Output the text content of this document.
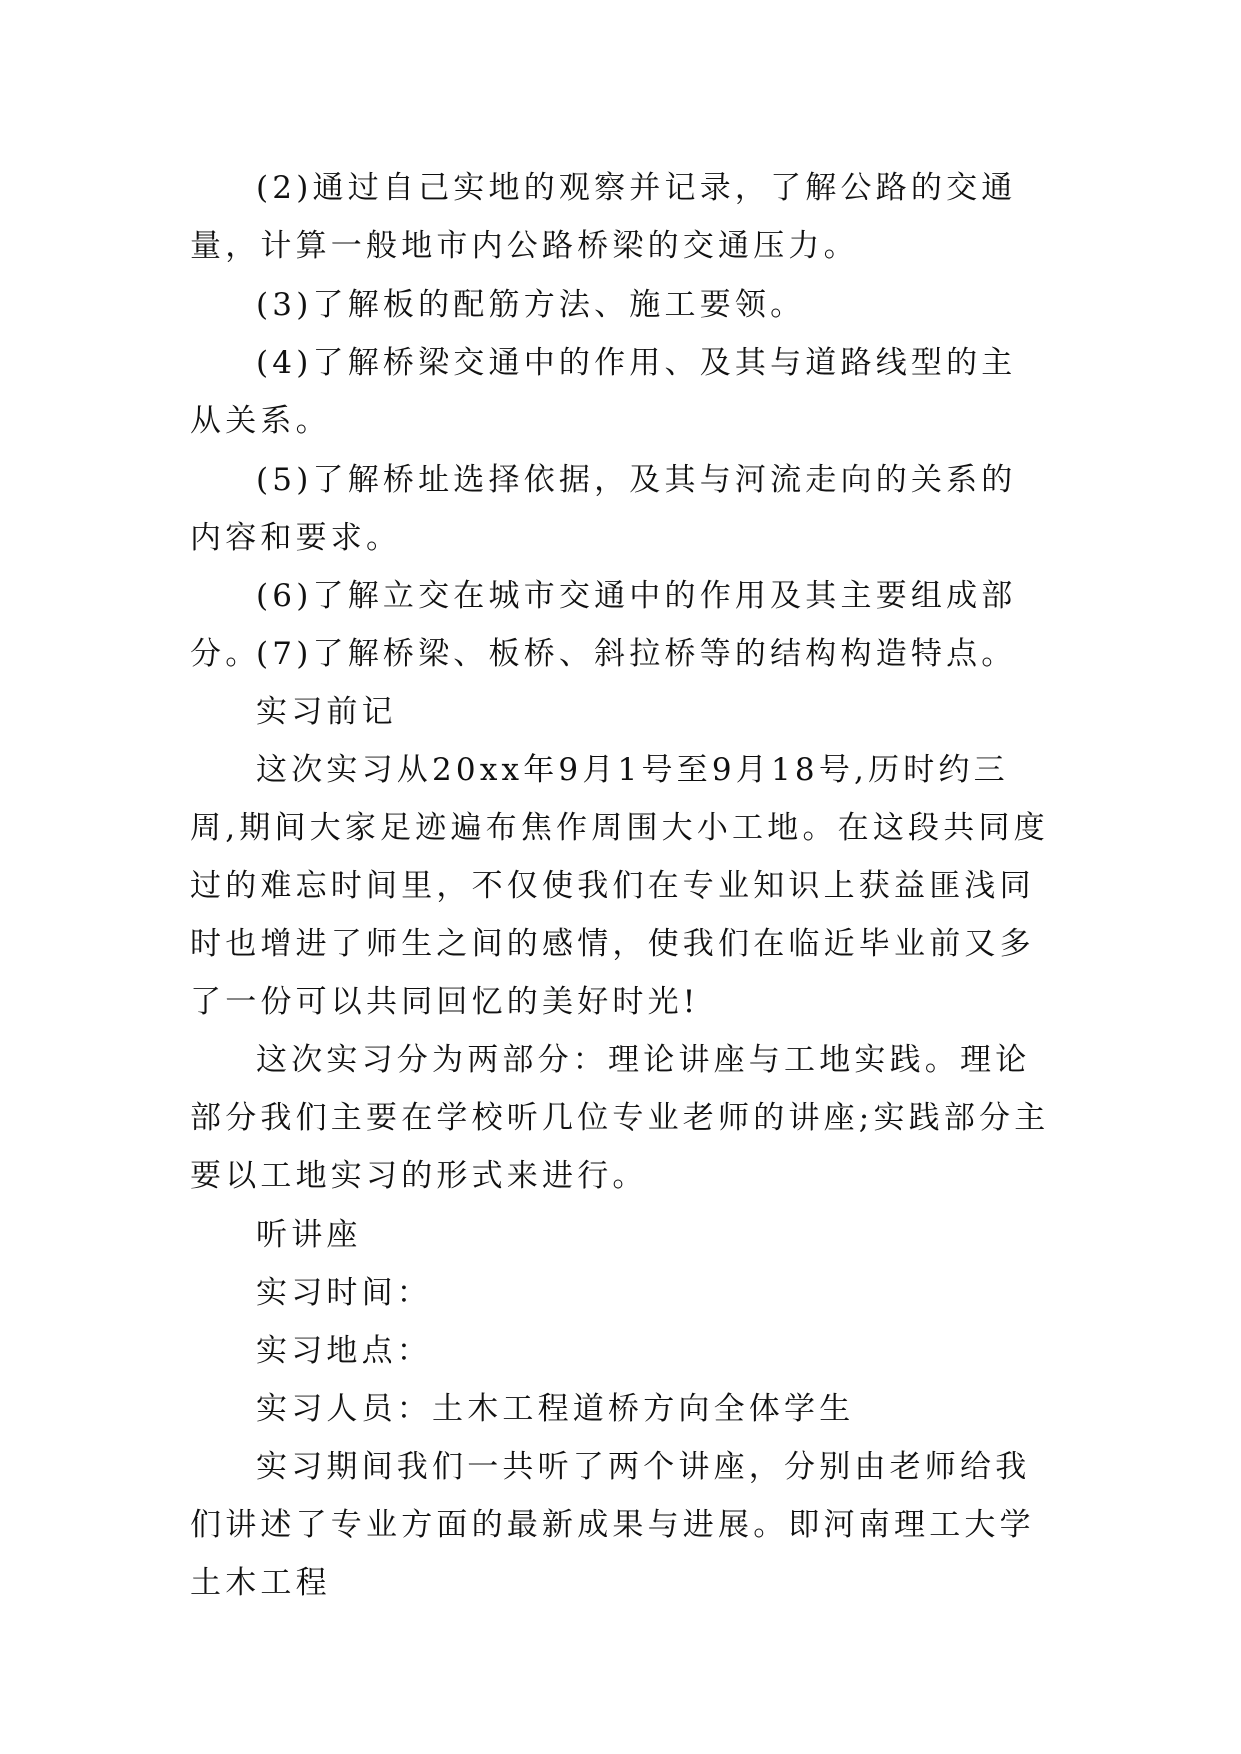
(2)通过自己实地的观察并记录，了解公路的交通量，计算一般地市内公路桥梁的交通压力。

(3)了解板的配筋方法、施工要领。

(4)了解桥梁交通中的作用、及其与道路线型的主从关系。

(5)了解桥址选择依据，及其与河流走向的关系的内容和要求。

(6)了解立交在城市交通中的作用及其主要组成部分。

(7)了解桥梁、板桥、斜拉桥等的结构构造特点。

实习前记

这次实习从20xx年9月1号至9月18号,历时约三周,期间大家足迹遍布焦作周围大小工地。在这段共同度过的难忘时间里，不仅使我们在专业知识上获益匪浅同时也增进了师生之间的感情，使我们在临近毕业前又多了一份可以共同回忆的美好时光!

这次实习分为两部分：理论讲座与工地实践。理论部分我们主要在学校听几位专业老师的讲座;实践部分主要以工地实习的形式来进行。

听讲座

实习时间：

实习地点：

实习人员：土木工程道桥方向全体学生

实习期间我们一共听了两个讲座，分别由老师给我们讲述了专业方面的最新成果与进展。即河南理工大学土木工程
